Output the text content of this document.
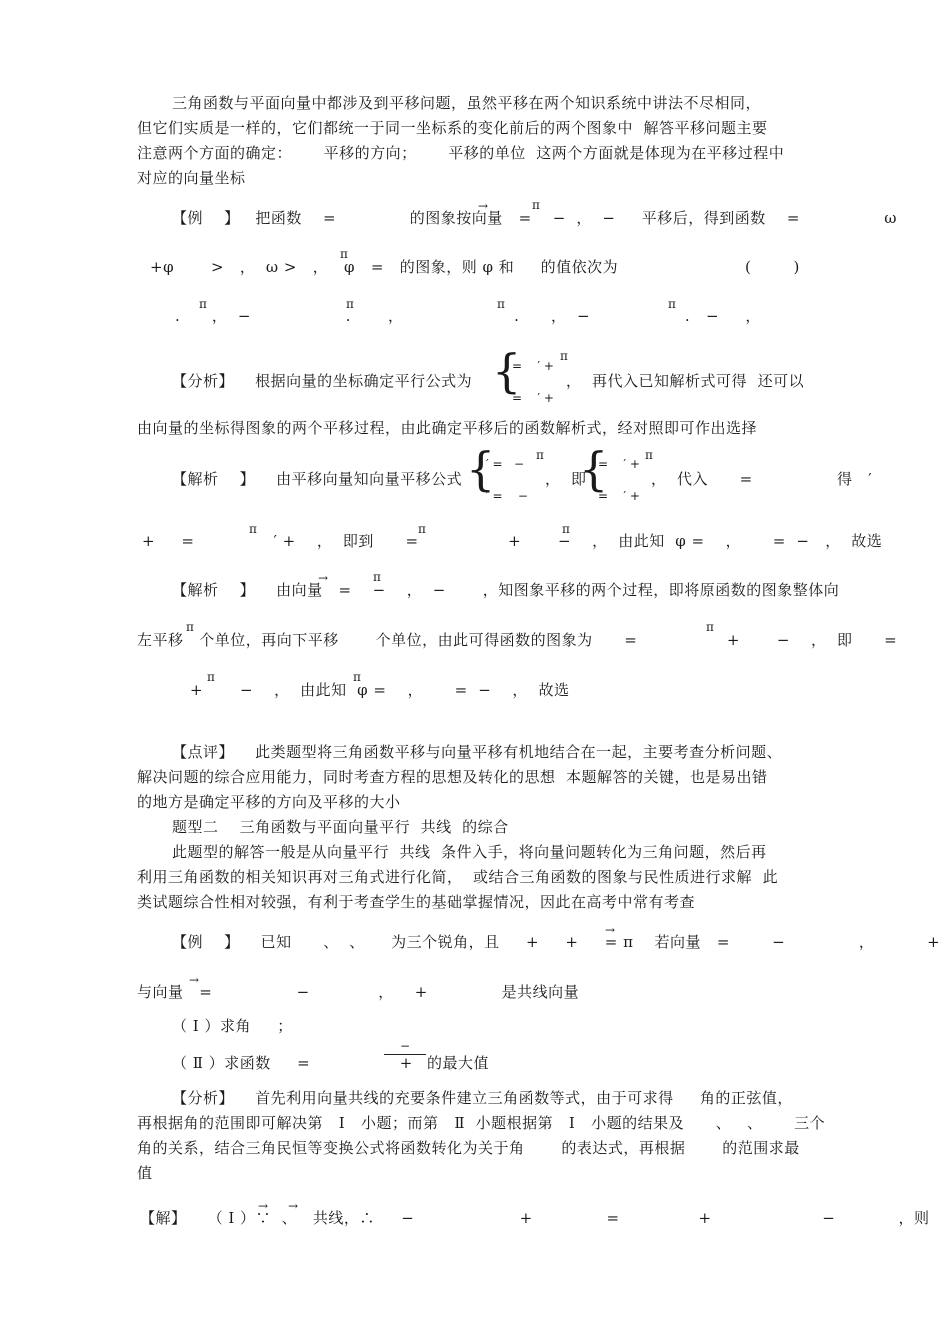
三角函数与平面向量中都涉及到平移问题，虽然平移在两个知识系统中讲法不尽相同，
但它们实质是一样的，它们都统一于同一坐标系的变化前后的两个图象中  解答平移问题主要
注意两个方面的确定：      平移的方向；      平移的单位  这两个方面就是体现为在平移过程中
对应的向量坐标
【例    】   把函数    =              的图象按向量   =    −  ，  −     平移后，得到函数    =                ω
→	π
+φ       >   ，  ω >   ，   φ   =   的图象，则 φ 和     的值依次为
π
(        )
.      ，  −                  .       ，                     .      ，  −                  .   −     ，
π	π	π	π
【分析】    根据向量的坐标确定平行公式为 {
=    ′ +
π
=    ′ +
，  再代入已知解析式可得  还可以
由向量的坐标得图象的两个平移过程，由此确定平移后的函数解析式，经对照即可作出选择
【解析    】    由平移向量知向量平移公式 {
′ =   −
π
′ =    −
，  即
{
=    ′ +
π
=    ′ +
，  代入      =                得   ′
+     =               ′ +    ，  即到      =                 +       −    ，  由此知  φ =    ，      =  −   ，  故选
π	π	π
【解析    】    由向量   =    −    ，  −       ，知图象平移的两个过程，即将原函数的图象整体向
→	π
左平移   个单位，再向下平移       个单位，由此可得函数的图象为      =                 +       −    ，  即      =
π	π
+       −    ，  由此知  φ =    ，      =  −    ，  故选
π	π
【点评】    此类题型将三角函数平移与向量平移有机地结合在一起，主要考查分析问题、
解决问题的综合应用能力，同时考查方程的思想及转化的思想  本题解答的关键，也是易出错
的地方是确定平移的方向及平移的大小
题型二    三角函数与平面向量平行  共线  的综合
此题型的解答一般是从向量平行  共线  条件入手，将向量问题转化为三角问题，然后再
利用三角函数的相关知识再对三角式进行化简，  或结合三角函数的图象与民性质进行求解  此
类试题综合性相对较强，有利于考查学生的基础掌握情况，因此在高考中常有考查
【例    】    已知      、  、     为三个锐角，且     +     +     = π    若向量   =        −              ，          +
→
与向量   =                −             ，    +              是共线向量
→
（ Ⅰ ）求角     ；
（ Ⅱ ）求函数     =                 +
−
的最大值
【分析】    首先利用向量共线的充要条件建立三角函数等式，由于可求得     角的正弦值，
再根据角的范围即可解决第   Ⅰ   小题；而第   Ⅱ  小题根据第   Ⅰ   小题的结果及      、   、      三个
角的关系，结合三角民恒等变换公式将函数转化为关于角       的表达式，再根据       的范围求最
值
【解】    （ Ⅰ ）∵  、   共线，∴     −                    +              =               +                     −            ，则
→ →
